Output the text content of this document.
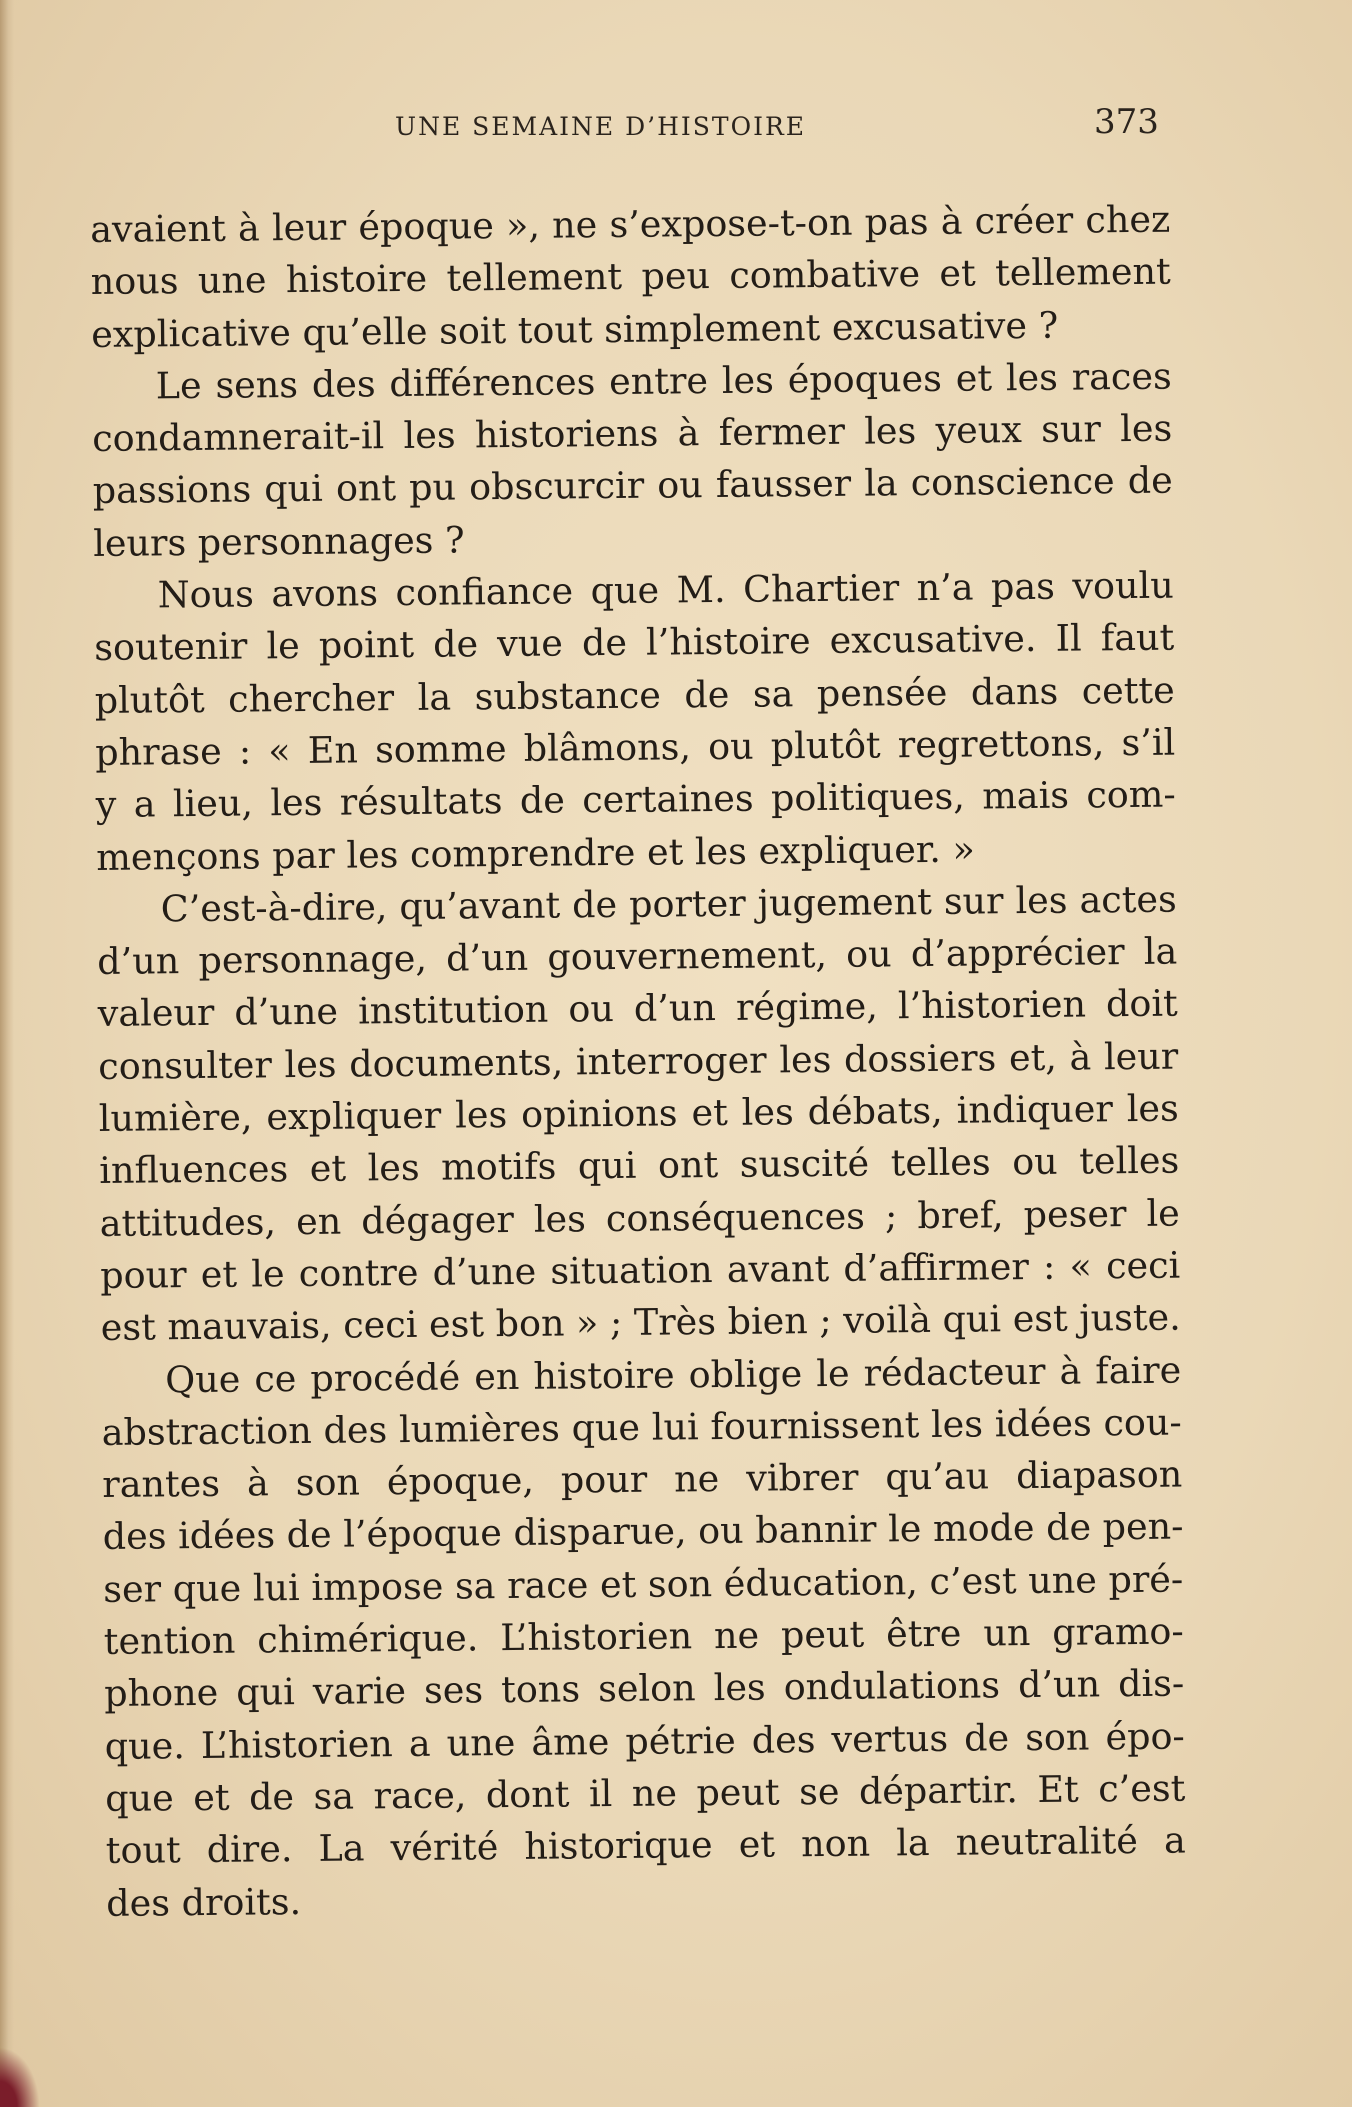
UNE SEMAINE D’HISTOIRE	373
avaient à leur époque », ne s’expose-t-on pas à créer chez
nous une histoire tellement peu combative et tellement
explicative qu’elle soit tout simplement excusative ?
Le sens des différences entre les époques et les races
condamnerait-il les historiens à fermer les yeux sur les
passions qui ont pu obscurcir ou fausser la conscience de
leurs personnages ?
Nous avons confiance que M. Chartier n’a pas voulu
soutenir le point de vue de l’histoire excusative. Il faut
plutôt chercher la substance de sa pensée dans cette
phrase : « En somme blâmons, ou plutôt regrettons, s’il
y a lieu, les résultats de certaines politiques, mais com-
mençons par les comprendre et les expliquer. »
C’est-à-dire, qu’avant de porter jugement sur les actes
d’un personnage, d’un gouvernement, ou d’apprécier la
valeur d’une institution ou d’un régime, l’historien doit
consulter les documents, interroger les dossiers et, à leur
lumière, expliquer les opinions et les débats, indiquer les
influences et les motifs qui ont suscité telles ou telles
attitudes, en dégager les conséquences ; bref, peser le
pour et le contre d’une situation avant d’affirmer : « ceci
est mauvais, ceci est bon » ; Très bien ; voilà qui est juste.
Que ce procédé en histoire oblige le rédacteur à faire
abstraction des lumières que lui fournissent les idées cou-
rantes à son époque, pour ne vibrer qu’au diapason
des idées de l’époque disparue, ou bannir le mode de pen-
ser que lui impose sa race et son éducation, c’est une pré-
tention chimérique. L’historien ne peut être un gramo-
phone qui varie ses tons selon les ondulations d’un dis-
que. L’historien a une âme pétrie des vertus de son épo-
que et de sa race, dont il ne peut se départir. Et c’est
tout dire. La vérité historique et non la neutralité a
des droits.
